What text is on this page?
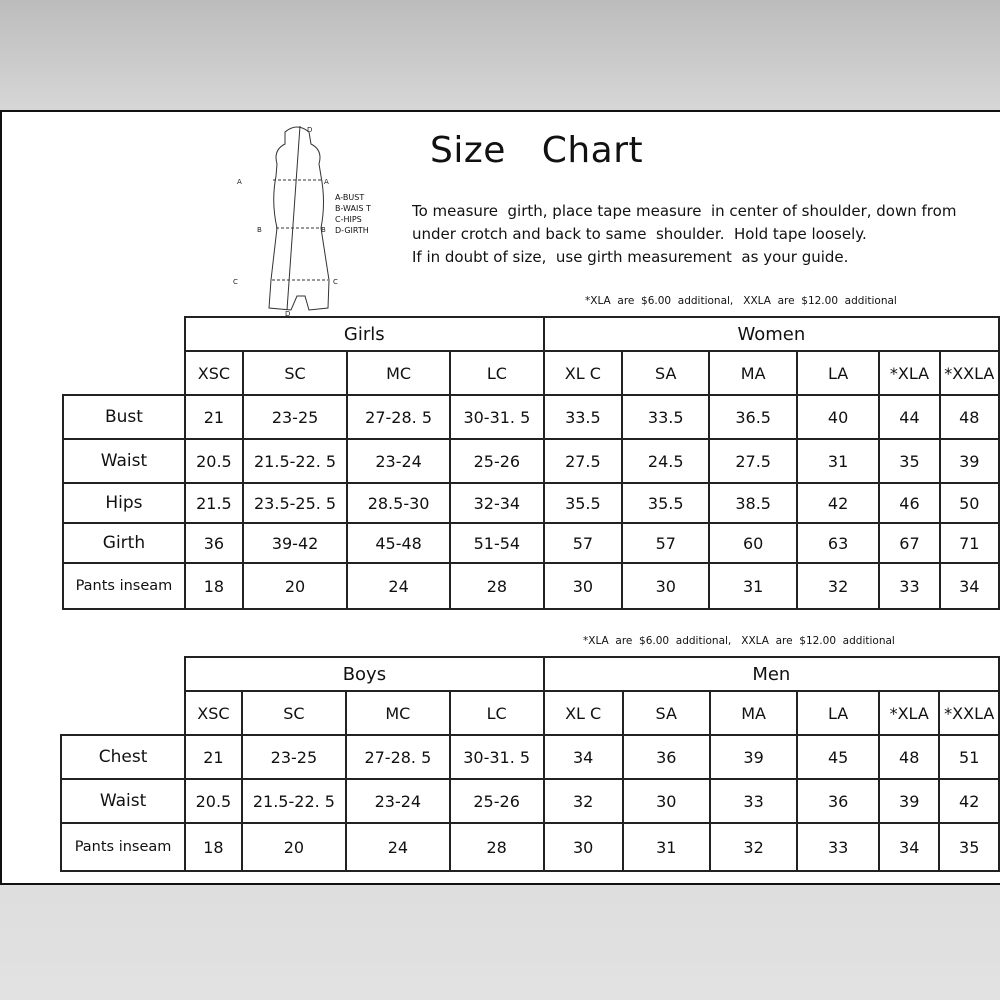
D
A	A
B	B
C	C
D
A-BUST
B-WAIS T
C-HIPS
D-GIRTH
Size   Chart
To measure  girth, place tape measure  in center of shoulder, down from
under crotch and back to same  shoulder.  Hold tape loosely.
If in doubt of size,  use girth measurement  as your guide.
*XLA  are  $6.00  additional,   XXLA  are  $12.00  additional
	Girls				Women					
	XSC	SC	MC	LC	XL C	SA	MA	LA	*XLA	*XXLA
Bust	21	23-25	27-28. 5	30-31. 5	33.5	33.5	36.5	40	44	48
Waist	20.5	21.5-22. 5	23-24	25-26	27.5	24.5	27.5	31	35	39
Hips	21.5	23.5-25. 5	28.5-30	32-34	35.5	35.5	38.5	42	46	50
Girth	36	39-42	45-48	51-54	57	57	60	63	67	71
Pants inseam	18	20	24	28	30	30	31	32	33	34
*XLA  are  $6.00  additional,   XXLA  are  $12.00  additional
	Boys				Men					
	XSC	SC	MC	LC	XL C	SA	MA	LA	*XLA	*XXLA
Chest	21	23-25	27-28. 5	30-31. 5	34	36	39	45	48	51
Waist	20.5	21.5-22. 5	23-24	25-26	32	30	33	36	39	42
Pants inseam	18	20	24	28	30	31	32	33	34	35
